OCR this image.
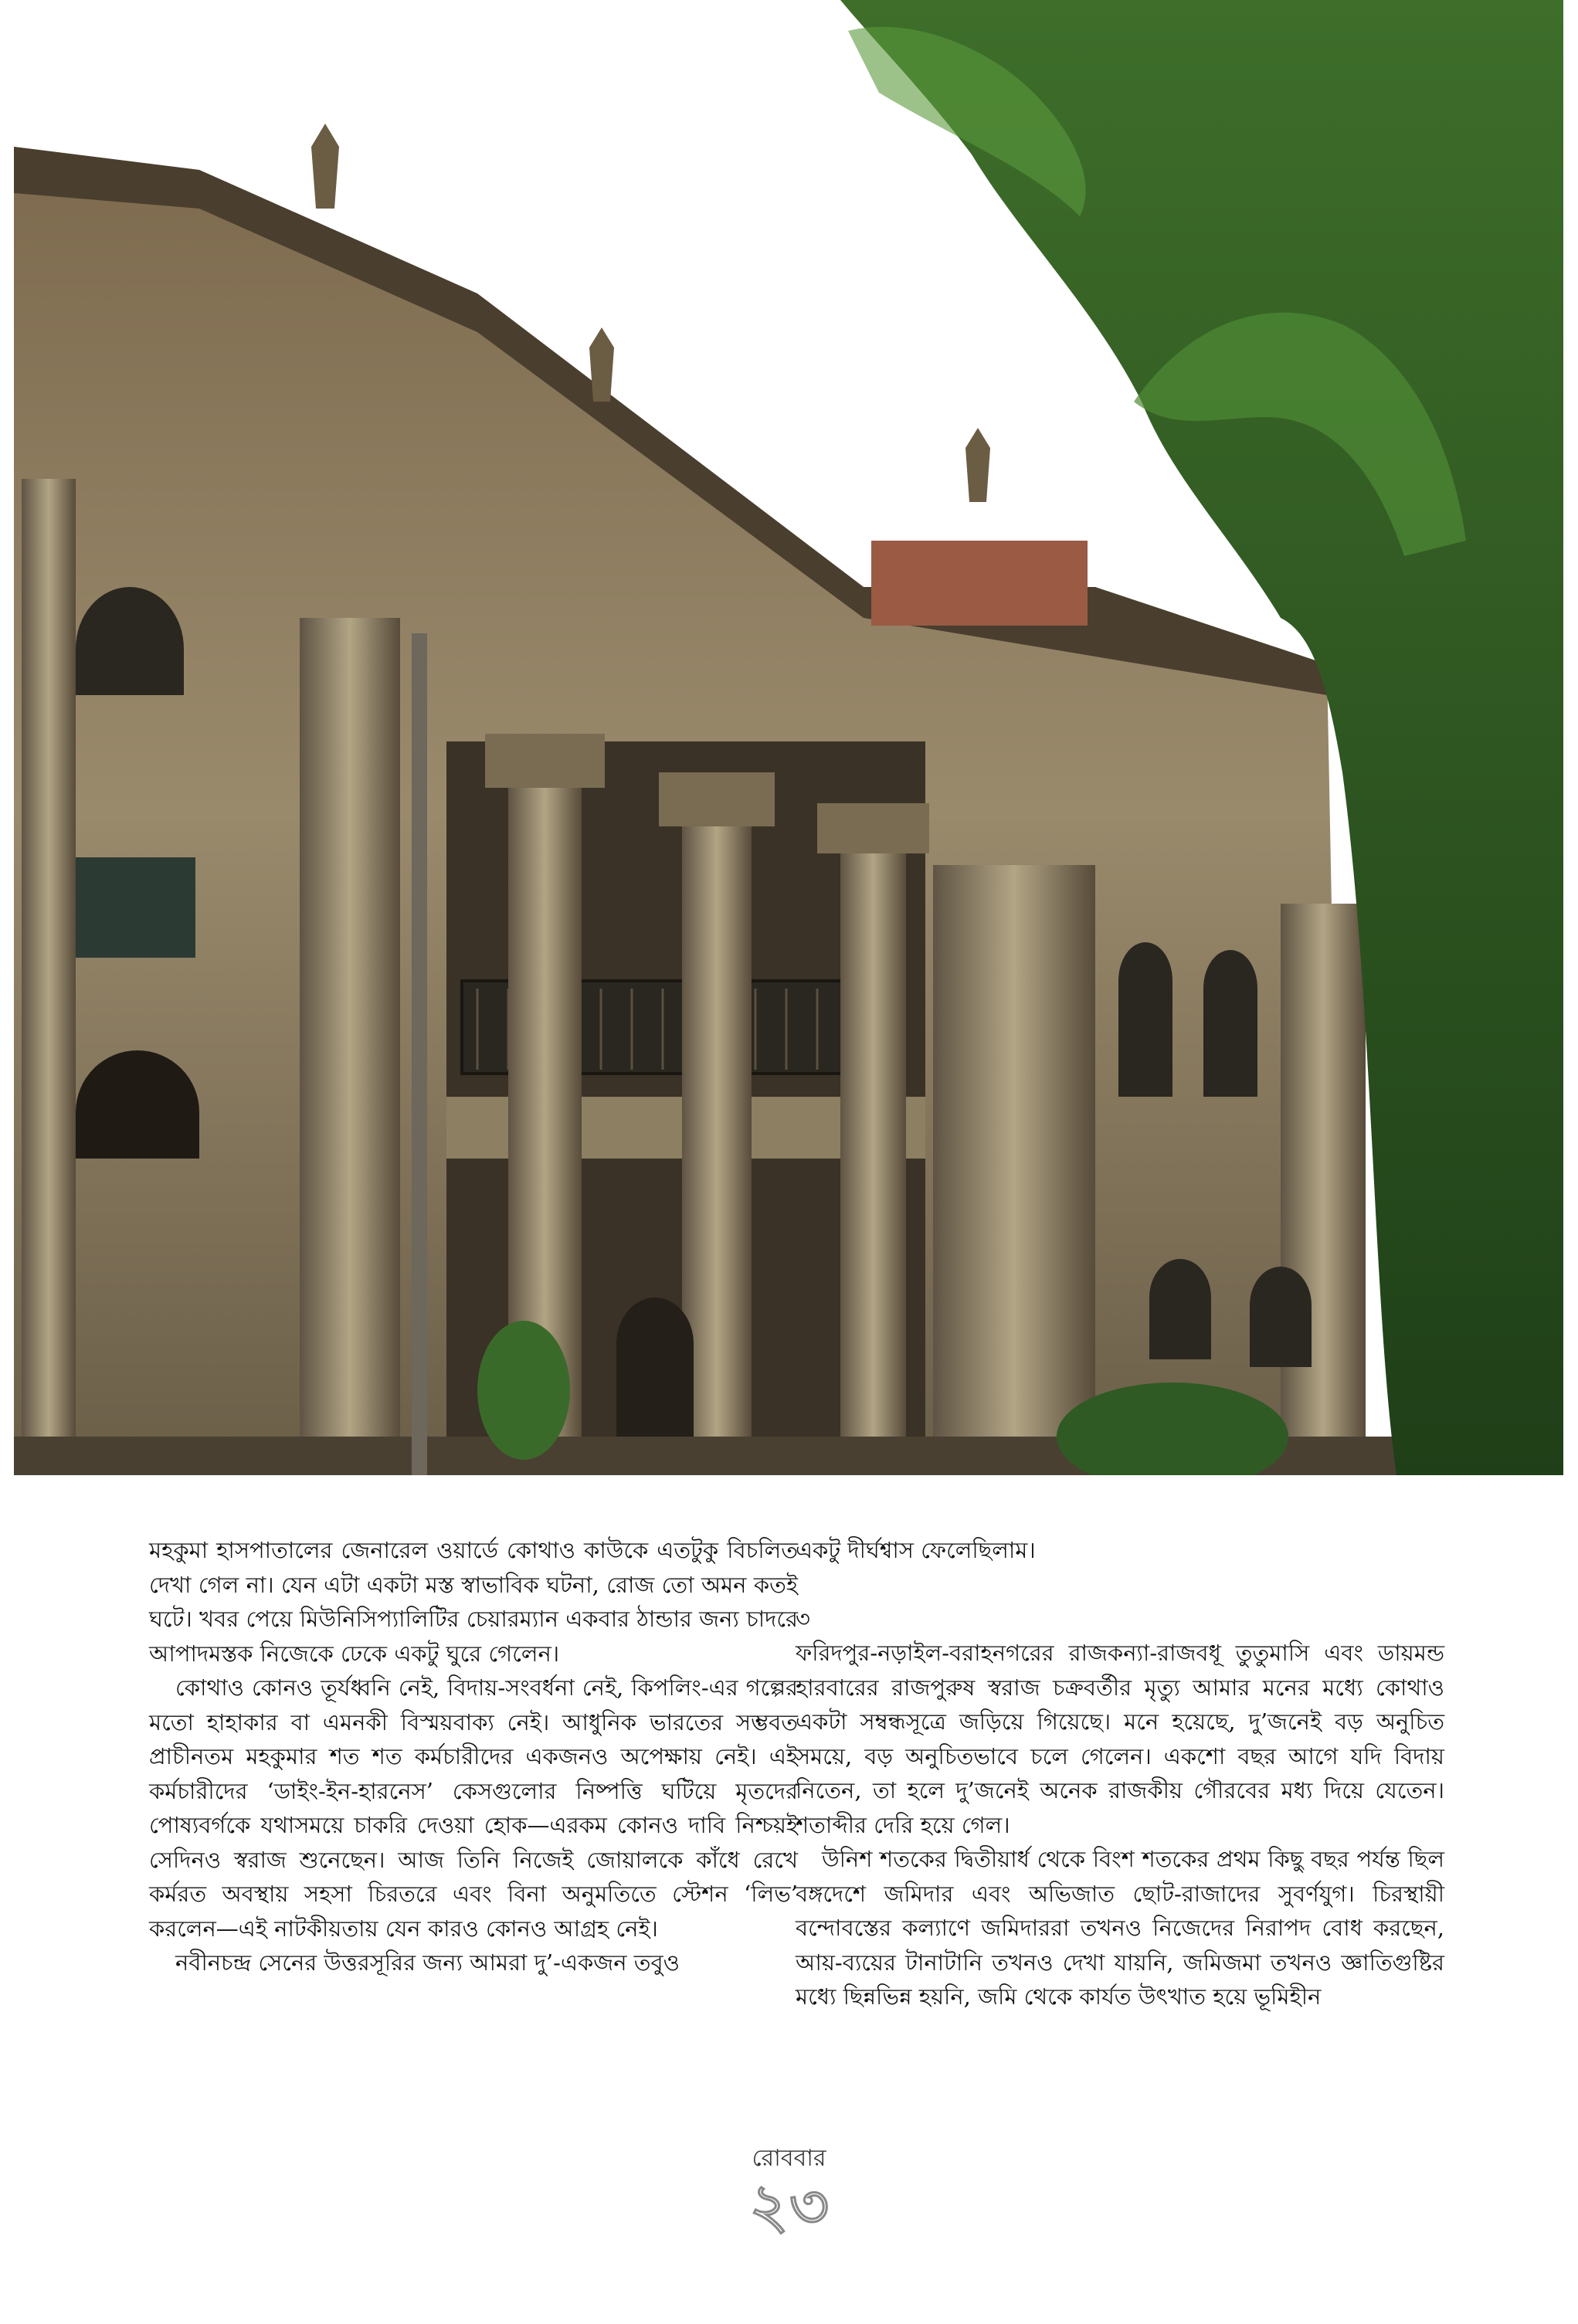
মহকুমা হাসপাতালের জেনারেল ওয়ার্ডে কোথাও কাউকে এতটুকু বিচলিত দেখা গেল না। যেন এটা একটা মস্ত স্বাভাবিক ঘটনা, রোজ তো অমন কতই ঘটে। খবর পেয়ে মিউনিসিপ্যালিটির চেয়ারম্যান একবার ঠান্ডার জন্য চাদরে আপাদমস্তক নিজেকে ঢেকে একটু ঘুরে গেলেন।

কোথাও কোনও তূর্যধ্বনি নেই, বিদায়-সংবর্ধনা নেই, কিপলিং-এর গল্পের মতো হাহাকার বা এমনকী বিস্ময়বাক্য নেই। আধুনিক ভারতের সম্ভবত প্রাচীনতম মহকুমার শত শত কর্মচারীদের একজনও অপেক্ষায় নেই। এই কর্মচারীদের ‘ডাইং-ইন-হারনেস’ কেসগুলোর নিষ্পত্তি ঘটিয়ে মৃতদের পোষ্যবর্গকে যথাসময়ে চাকরি দেওয়া হোক—এরকম কোনও দাবি নিশ্চয়ই সেদিনও স্বরাজ শুনেছেন। আজ তিনি নিজেই জোয়ালকে কাঁধে রেখে কর্মরত অবস্থায় সহসা চিরতরে এবং বিনা অনুমতিতে স্টেশন ‘লিভ’ করলেন—এই নাটকীয়তায় যেন কারও কোনও আগ্রহ নেই।

নবীনচন্দ্র সেনের উত্তরসূরির জন্য আমরা দু’-একজন তবুও

একটু দীর্ঘশ্বাস ফেলেছিলাম।

৩

ফরিদপুর-নড়াইল-বরাহনগরের রাজকন্যা-রাজবধূ তুতুমাসি এবং ডায়মন্ড হারবারের রাজপুরুষ স্বরাজ চক্রবর্তীর মৃত্যু আমার মনের মধ্যে কোথাও একটা সম্বন্ধসূত্রে জড়িয়ে গিয়েছে। মনে হয়েছে, দু’জনেই বড় অনুচিত সময়ে, বড় অনুচিতভাবে চলে গেলেন। একশো বছর আগে যদি বিদায় নিতেন, তা হলে দু’জনেই অনেক রাজকীয় গৌরবের মধ্য দিয়ে যেতেন। শতাব্দীর দেরি হয়ে গেল।

উনিশ শতকের দ্বিতীয়ার্ধ থেকে বিংশ শতকের প্রথম কিছু বছর পর্যন্ত ছিল বঙ্গদেশে জমিদার এবং অভিজাত ছোট-রাজাদের সুবর্ণযুগ। চিরস্থায়ী বন্দোবস্তের কল্যাণে জমিদাররা তখনও নিজেদের নিরাপদ বোধ করছেন, আয়-ব্যয়ের টানাটানি তখনও দেখা যায়নি, জমিজমা তখনও জ্ঞাতিগুষ্টির মধ্যে ছিন্নভিন্ন হয়নি, জমি থেকে কার্যত উৎখাত হয়ে ভূমিহীন

রোববার
২৩
